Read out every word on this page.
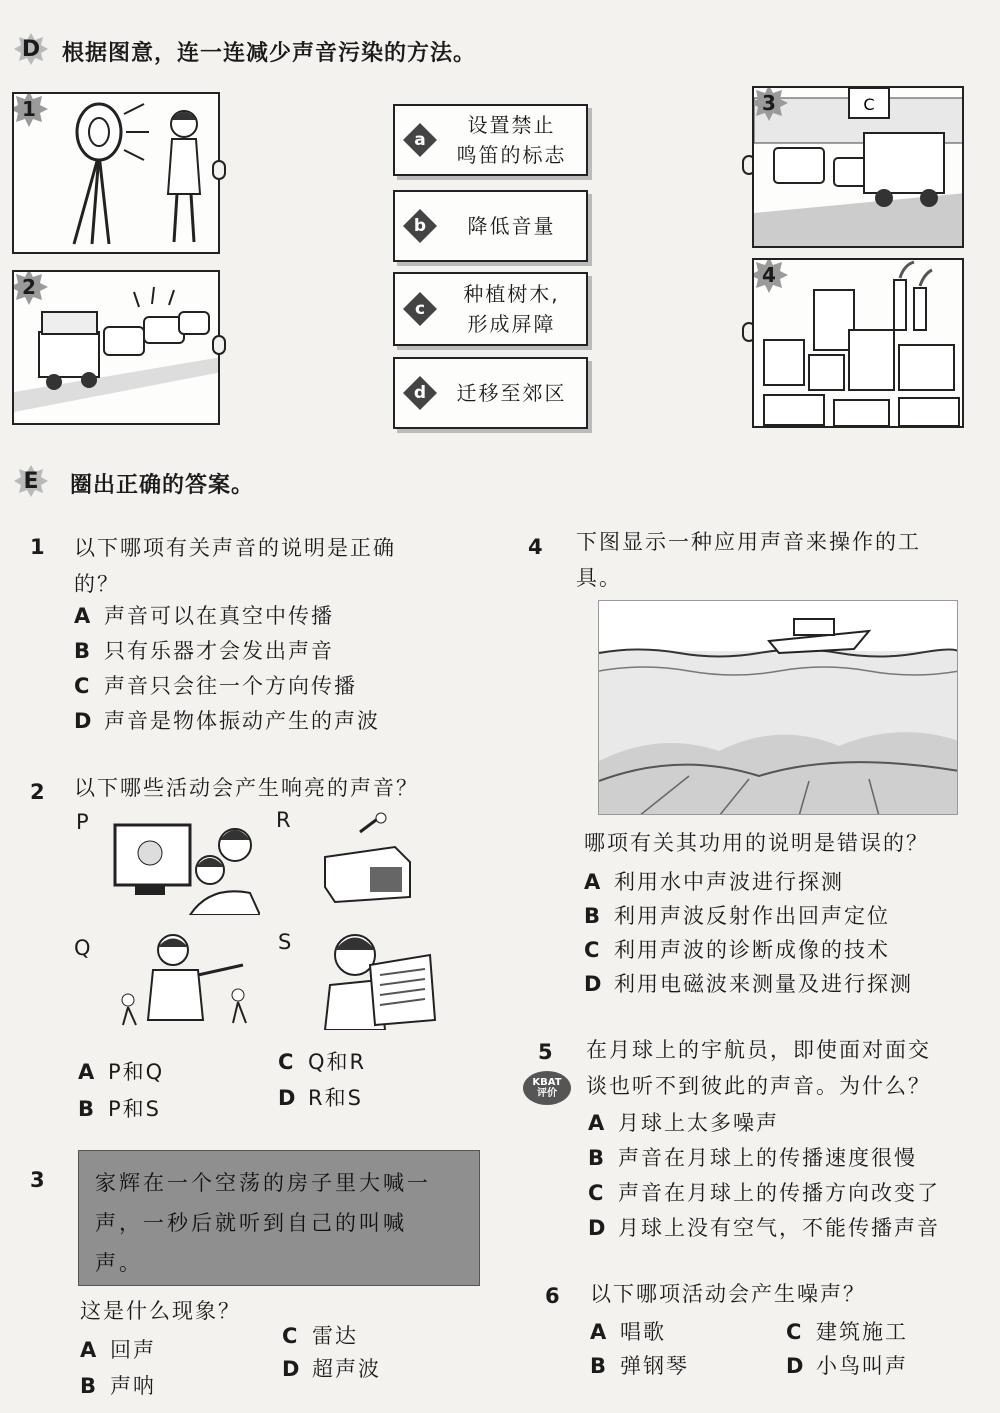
D 根据图意，连一连减少声音污染的方法。
1
2
a
设置禁止
鸣笛的标志
b	降低音量
c
种植树木,
形成屏障
d	迁移至郊区
C
3
4
E 圈出正确的答案。
1 以下哪项有关声音的说明是正确
的？
A 声音可以在真空中传播
B 只有乐器才会发出声音
C 声音只会往一个方向传播
D 声音是物体振动产生的声波
2 以下哪些活动会产生响亮的声音？
P	R
Q	S
A P和Q
B P和S
C Q和R
D R和S
3 家辉在一个空荡的房子里大喊一
声，一秒后就听到自己的叫喊
声。
这是什么现象？
A 回声
B 声呐
C 雷达
D 超声波
4 下图显示一种应用声音来操作的工
具。
哪项有关其功用的说明是错误的？
A 利用水中声波进行探测
B 利用声波反射作出回声定位
C 利用声波的诊断成像的技术
D 利用电磁波来测量及进行探测
5
KBAT
评价
在月球上的宇航员，即使面对面交
谈也听不到彼此的声音。为什么？
A 月球上太多噪声
B 声音在月球上的传播速度很慢
C 声音在月球上的传播方向改变了
D 月球上没有空气，不能传播声音
6 以下哪项活动会产生噪声？
A 唱歌
B 弹钢琴
C 建筑施工
D 小鸟叫声
